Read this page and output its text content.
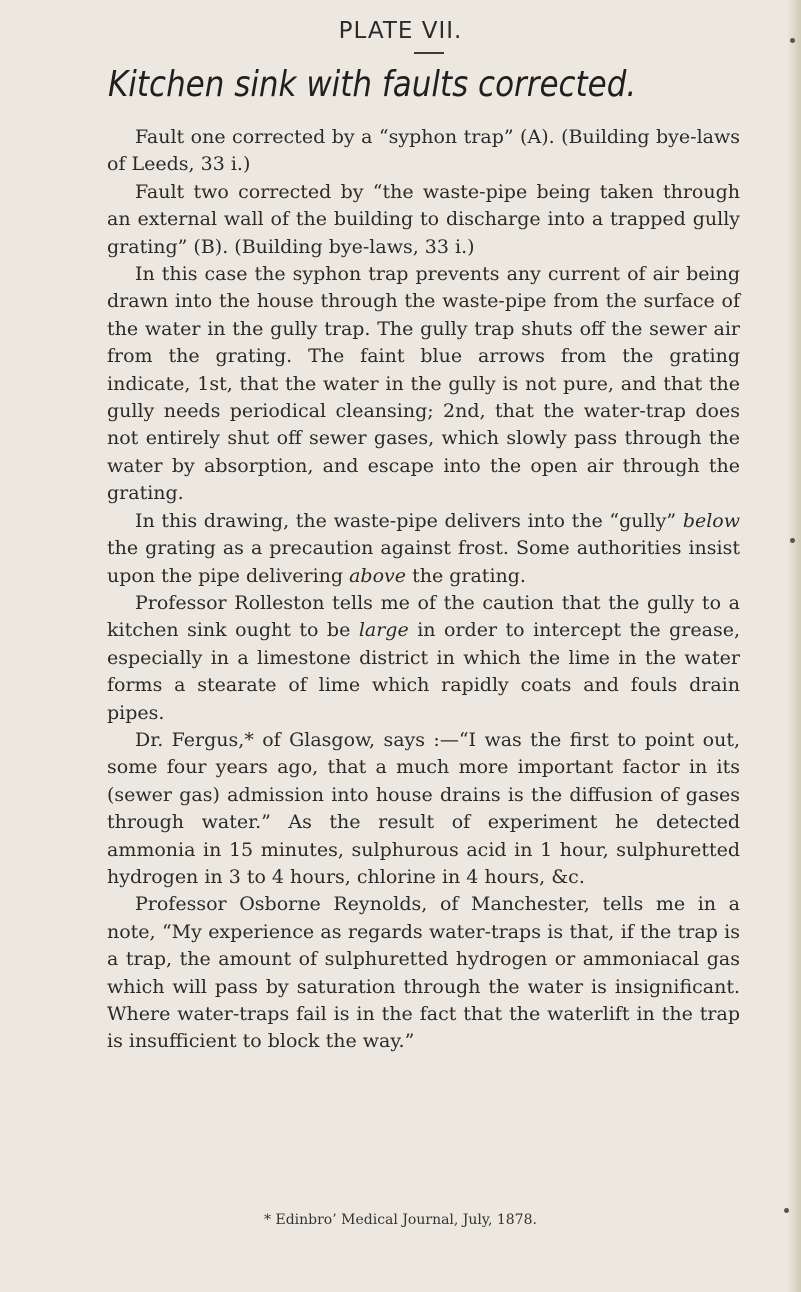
PLATE VII.
Kitchen sink with faults corrected.

Fault one corrected by a “syphon trap” (A). (Building bye-laws of Leeds, 33 i.)

Fault two corrected by “the waste-pipe being taken through an external wall of the building to discharge into a trapped gully grating” (B). (Building bye-laws, 33 i.)

In this case the syphon trap prevents any current of air being drawn into the house through the waste-pipe from the surface of the water in the gully trap. The gully trap shuts off the sewer air from the grating. The faint blue arrows from the grating indicate, 1st, that the water in the gully is not pure, and that the gully needs periodical cleansing; 2nd, that the water-trap does not entirely shut off sewer gases, which slowly pass through the water by absorption, and escape into the open air through the grating.

In this drawing, the waste-pipe delivers into the “gully” below the grating as a precaution against frost. Some authorities insist upon the pipe delivering above the grating.

Professor Rolleston tells me of the caution that the gully to a kitchen sink ought to be large in order to intercept the grease, especially in a limestone district in which the lime in the water forms a stearate of lime which rapidly coats and fouls drain pipes.

Dr. Fergus,* of Glasgow, says :—“I was the first to point out, some four years ago, that a much more important factor in its (sewer gas) admission into house drains is the diffusion of gases through water.” As the result of experiment he detected ammonia in 15 minutes, sulphurous acid in 1 hour, sulphuretted hydrogen in 3 to 4 hours, chlorine in 4 hours, &c.

Professor Osborne Reynolds, of Manchester, tells me in a note, “My experience as regards water-traps is that, if the trap is a trap, the amount of sulphuretted hydrogen or ammoniacal gas which will pass by saturation through the water is insignificant. Where water-traps fail is in the fact that the waterlift in the trap is insufficient to block the way.”

* Edinbro’ Medical Journal, July, 1878.
